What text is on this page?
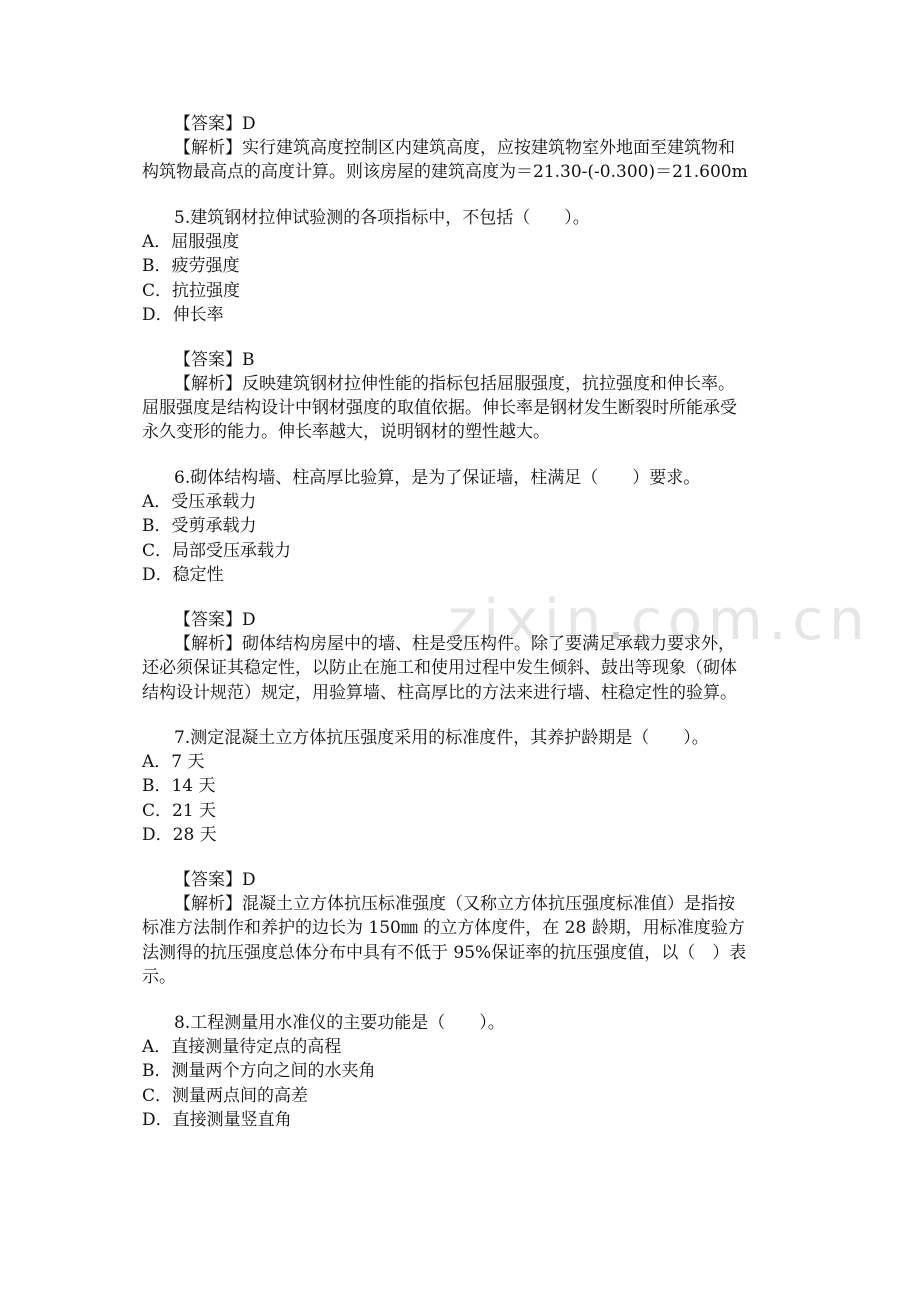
zixin.com.cn
【答案】D
【解析】实行建筑高度控制区内建筑高度，应按建筑物室外地面至建筑物和
构筑物最高点的高度计算。则该房屋的建筑高度为＝21.30-(-0.300)＝21.600m
5.建筑钢材拉伸试验测的各项指标中，不包括（　　）。
A．屈服强度
B．疲劳强度
C．抗拉强度
D．伸长率
【答案】B
【解析】反映建筑钢材拉伸性能的指标包括屈服强度，抗拉强度和伸长率。
屈服强度是结构设计中钢材强度的取值依据。伸长率是钢材发生断裂时所能承受
永久变形的能力。伸长率越大，说明钢材的塑性越大。
6.砌体结构墙、柱高厚比验算，是为了保证墙，柱满足（　　）要求。
A．受压承载力
B．受剪承载力
C．局部受压承载力
D．稳定性
【答案】D
【解析】砌体结构房屋中的墙、柱是受压构件。除了要满足承载力要求外，
还必须保证其稳定性，以防止在施工和使用过程中发生倾斜、鼓出等现象（砌体
结构设计规范）规定，用验算墙、柱高厚比的方法来进行墙、柱稳定性的验算。
7.测定混凝土立方体抗压强度采用的标准度件，其养护龄期是（　　）。
A．7 天
B．14 天
C．21 天
D．28 天
【答案】D
【解析】混凝土立方体抗压标准强度（又称立方体抗压强度标准值）是指按
标准方法制作和养护的边长为 150㎜ 的立方体度件，在 28 龄期，用标准度验方
法测得的抗压强度总体分布中具有不低于 95%保证率的抗压强度值，以（　）表
示。
8.工程测量用水准仪的主要功能是（　　）。
A．直接测量待定点的高程
B．测量两个方向之间的水夹角
C．测量两点间的高差
D．直接测量竖直角
